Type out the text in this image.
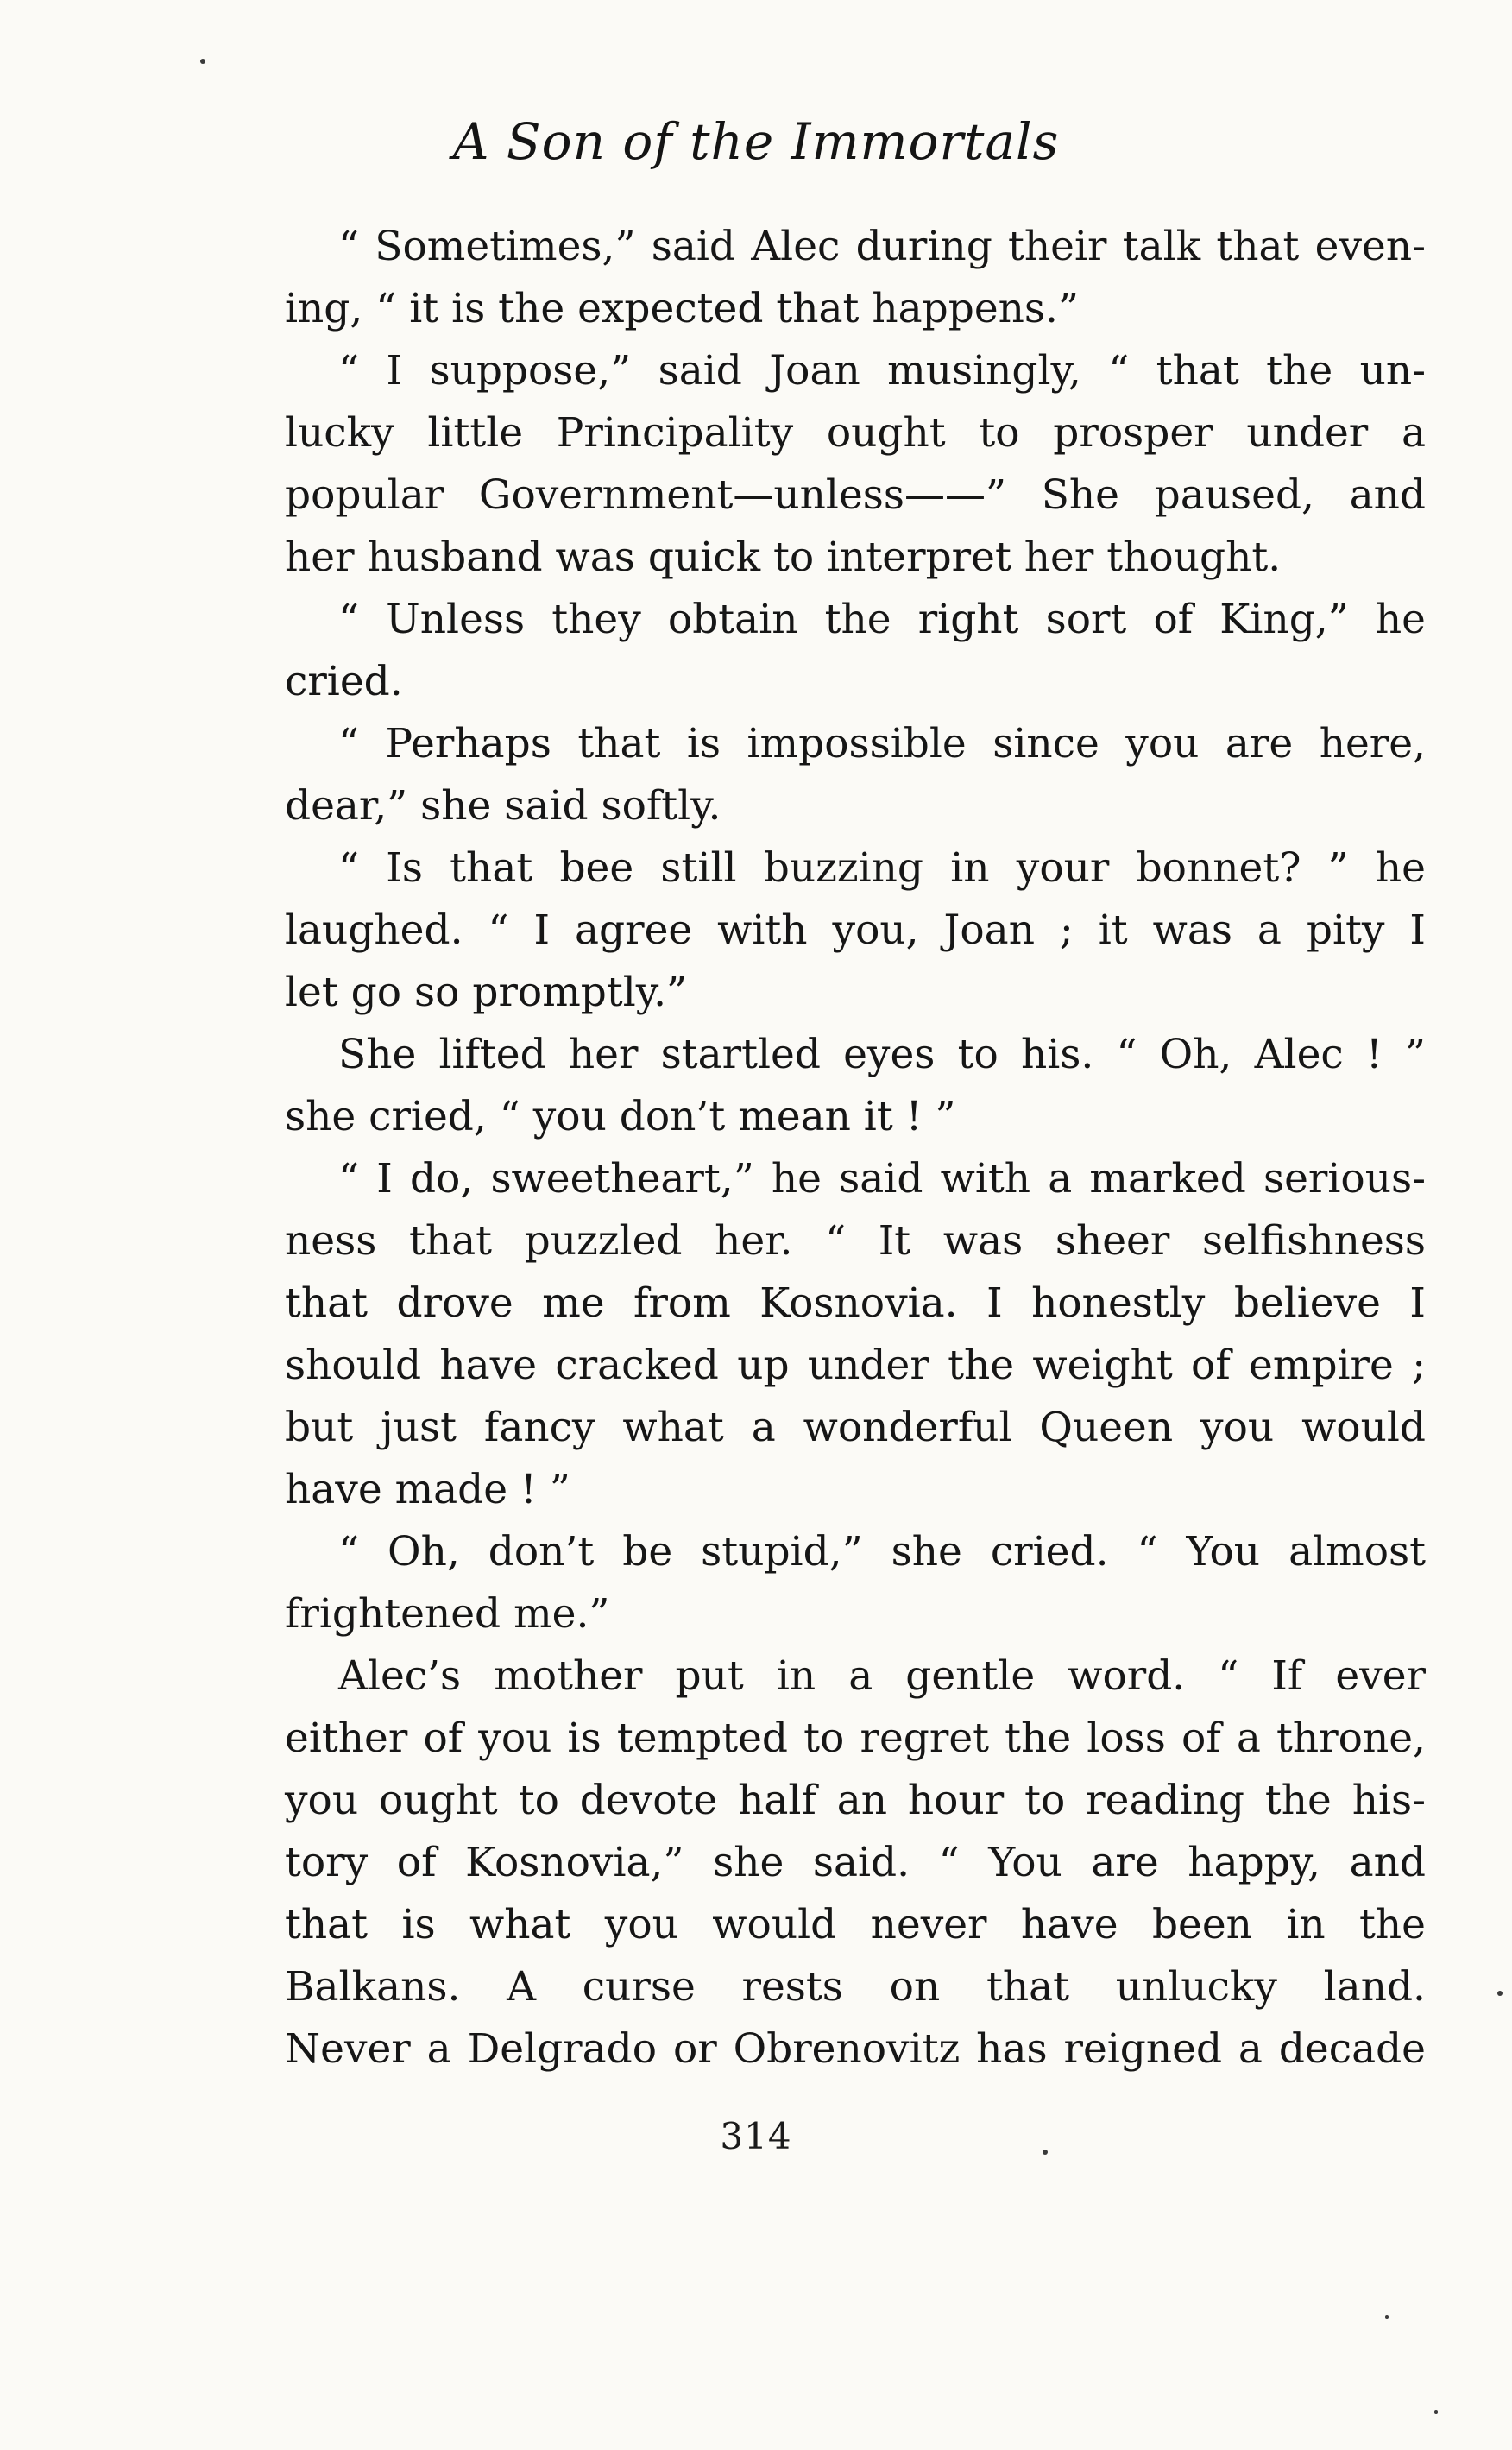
A Son of the Immortals
“ Sometimes,” said Alec during their talk that even-
ing, “ it is the expected that happens.”
“ I suppose,” said Joan musingly, “ that the un-
lucky little Principality ought to prosper under a
popular Government—unless——” She paused, and
her husband was quick to interpret her thought.
“ Unless they obtain the right sort of King,” he
cried.
“ Perhaps that is impossible since you are here,
dear,” she said softly.
“ Is that bee still buzzing in your bonnet? ” he
laughed. “ I agree with you, Joan ; it was a pity I
let go so promptly.”
She lifted her startled eyes to his. “ Oh, Alec ! ”
she cried, “ you don’t mean it ! ”
“ I do, sweetheart,” he said with a marked serious-
ness that puzzled her. “ It was sheer selfishness
that drove me from Kosnovia. I honestly believe I
should have cracked up under the weight of empire ;
but just fancy what a wonderful Queen you would
have made ! ”
“ Oh, don’t be stupid,” she cried. “ You almost
frightened me.”
Alec’s mother put in a gentle word. “ If ever
either of you is tempted to regret the loss of a throne,
you ought to devote half an hour to reading the his-
tory of Kosnovia,” she said. “ You are happy, and
that is what you would never have been in the
Balkans. A curse rests on that unlucky land.
Never a Delgrado or Obrenovitz has reigned a decade
314
